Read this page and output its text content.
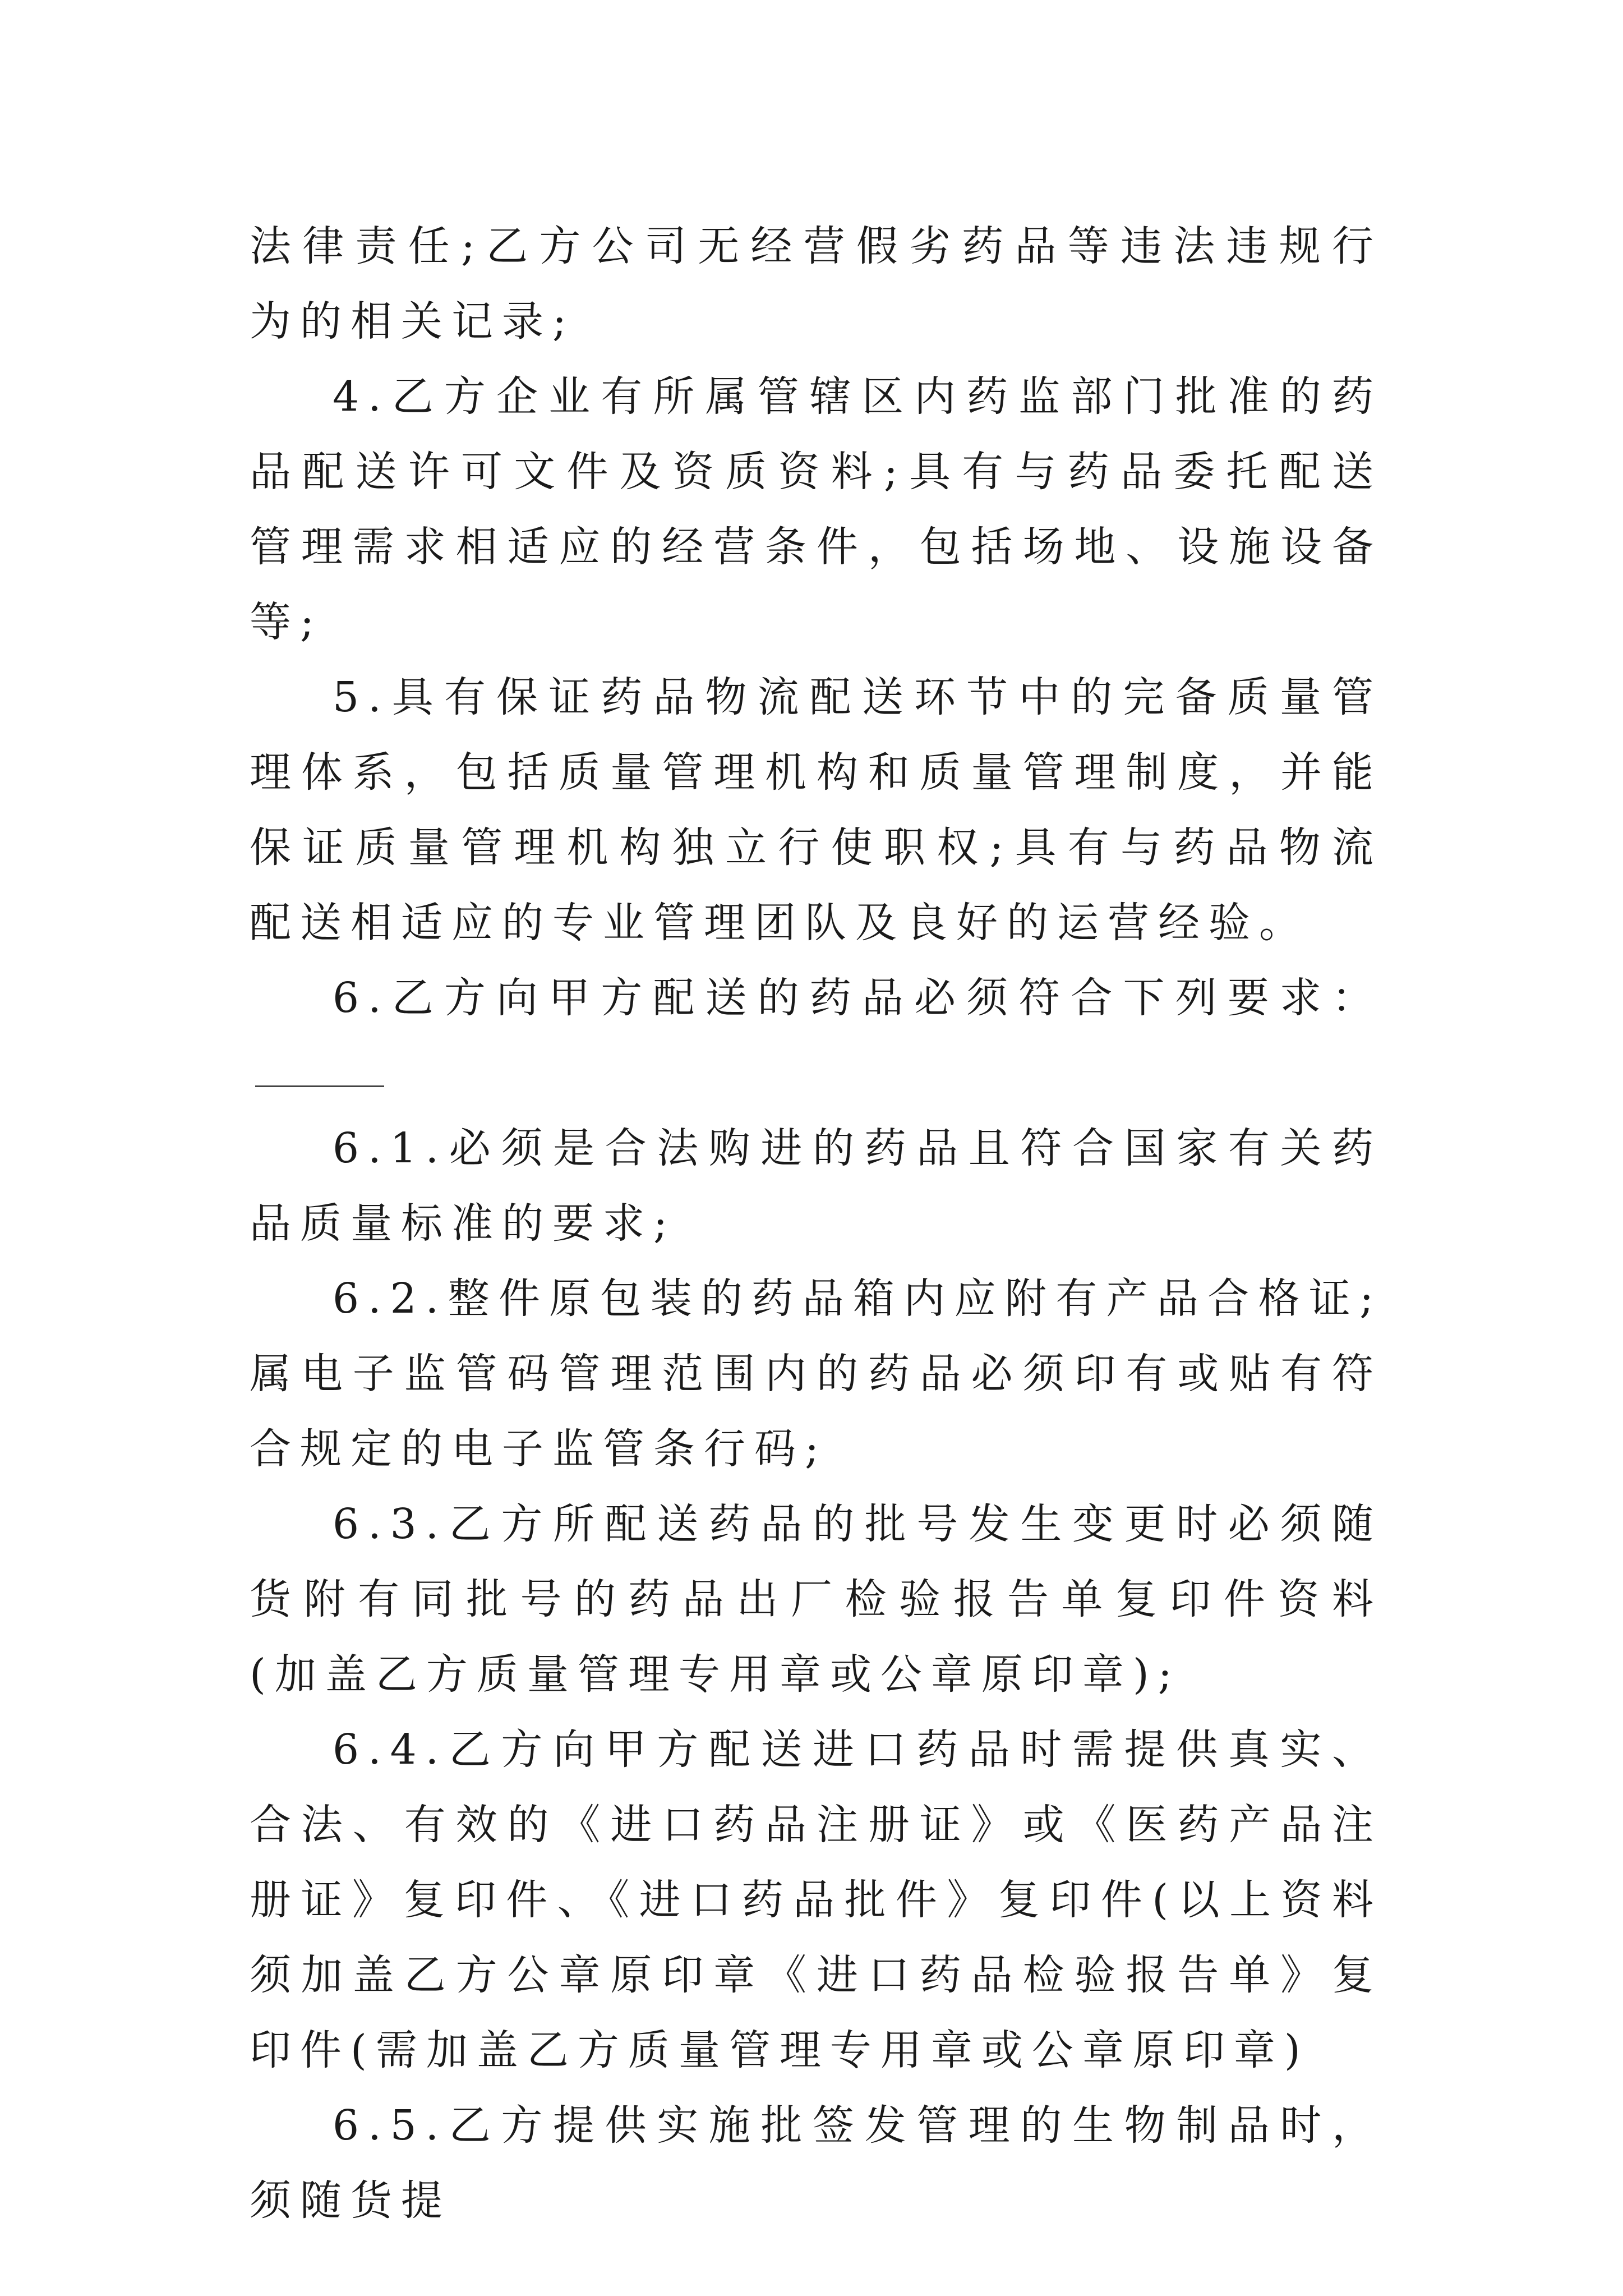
法律责任;乙方公司无经营假劣药品等违法违规行为的相关记录;

4.乙方企业有所属管辖区内药监部门批准的药品配送许可文件及资质资料;具有与药品委托配送管理需求相适应的经营条件，包括场地、设施设备等;

5.具有保证药品物流配送环节中的完备质量管理体系，包括质量管理机构和质量管理制度，并能保证质量管理机构独立行使职权;具有与药品物流配送相适应的专业管理团队及良好的运营经验。

6.乙方向甲方配送的药品必须符合下列要求：

6.1.必须是合法购进的药品且符合国家有关药品质量标准的要求;

6.2.整件原包装的药品箱内应附有产品合格证;属电子监管码管理范围内的药品必须印有或贴有符合规定的电子监管条行码;

6.3.乙方所配送药品的批号发生变更时必须随货附有同批号的药品出厂检验报告单复印件资料(加盖乙方质量管理专用章或公章原印章);

6.4.乙方向甲方配送进口药品时需提供真实、合法、有效的《进口药品注册证》或《医药产品注册证》复印件、《进口药品批件》复印件(以上资料须加盖乙方公章原印章《进口药品检验报告单》复印件(需加盖乙方质量管理专用章或公章原印章)

6.5.乙方提供实施批签发管理的生物制品时，须随货提
